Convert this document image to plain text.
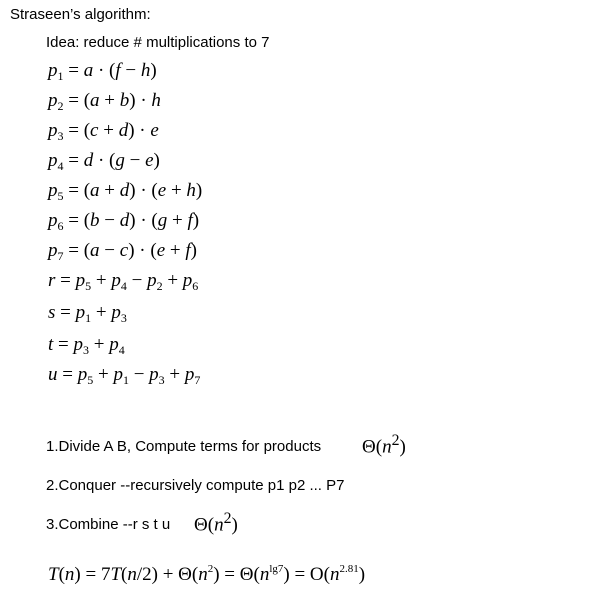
Straseen’s algorithm:
Idea: reduce # multiplications to 7
$p_1 = a \cdot (f - h)$
$p_2 = (a + b) \cdot h$
$p_3 = (c + d) \cdot e$
$p_4 = d \cdot (g - e)$
$p_5 = (a + d) \cdot (e + h)$
$p_6 = (b - d) \cdot (g + f)$
$p_7 = (a - c) \cdot (e + f)$
$r = p_5 + p_4 - p_2 + p_6$
$s = p_1 + p_3$
$t = p_3 + p_4$
$u = p_5 + p_1 - p_3 + p_7$
1.Divide A B, Compute terms for products $\Theta(n^2)$
2.Conquer --recursively compute p1 p2 ... P7
3.Combine --r s t u $\Theta(n^2)$
$T(n) = 7T(n/2) + \Theta(n^2) = \Theta(n^{lg7}) = O(n^{2.81})$
